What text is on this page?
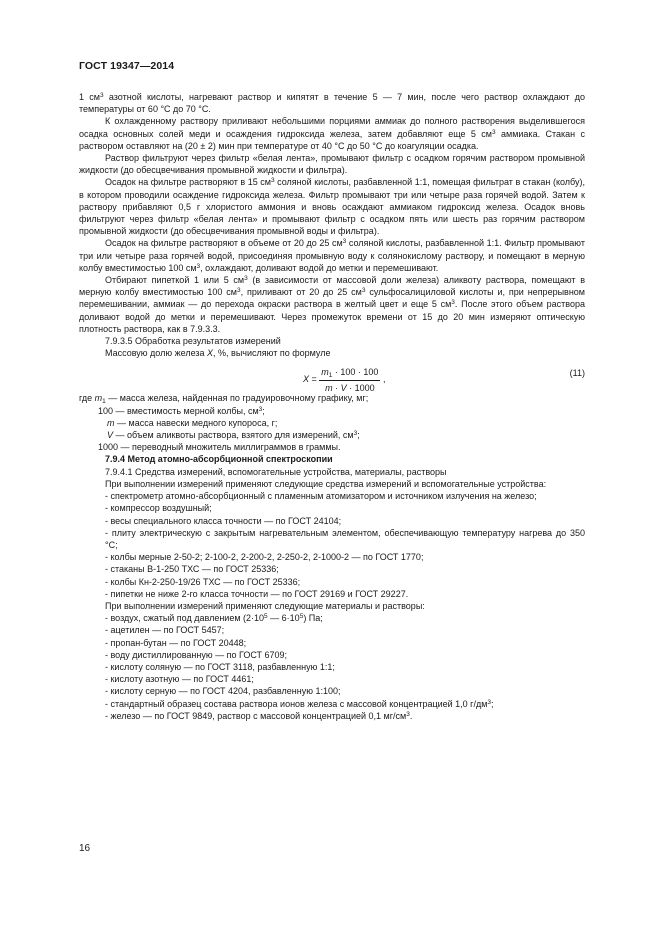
ГОСТ 19347—2014

1 $см^3$ азотной кислоты, нагревают раствор и кипятят в течение 5 — 7 мин, после чего раствор охлаждают до температуры от 60 °С до 70 °С.

К охлажденному раствору приливают небольшими порциями аммиак до полного растворения выделившегося осадка основных солей меди и осаждения гидроксида железа, затем добавляют еще 5 $см^3$ аммиака. Стакан с раствором оставляют на (20 ± 2) мин при температуре от 40 °С до 50 °С до коагуляции осадка.

Раствор фильтруют через фильтр «белая лента», промывают фильтр с осадком горячим раствором промывной жидкости (до обесцвечивания промывной жидкости и фильтра).

Осадок на фильтре растворяют в 15 $см^3$ соляной кислоты, разбавленной 1:1, помещая фильтрат в стакан (колбу), в котором проводили осаждение гидроксида железа. Фильтр промывают три или четыре раза горячей водой. Затем к раствору прибавляют 0,5 г хлористого аммония и вновь осаждают аммиаком гидроксид железа. Осадок вновь фильтруют через фильтр «белая лента» и промывают фильтр с осадком пять или шесть раз горячим раствором промывной жидкости (до обесцвечивания промывной воды и фильтра).

Осадок на фильтре растворяют в объеме от 20 до 25 $см^3$ соляной кислоты, разбавленной 1:1. Фильтр промывают три или четыре раза горячей водой, присоединяя промывную воду к солянокислому раствору, и помещают в мерную колбу вместимостью 100 $см^3$, охлаждают, доливают водой до метки и перемешивают.

Отбирают пипеткой 1 или 5 $см^3$ (в зависимости от массовой доли железа) аликвоту раствора, помещают в мерную колбу вместимостью 100 $см^3$, приливают от 20 до 25 $см^3$ сульфосалициловой кислоты и, при непрерывном перемешивании, аммиак — до перехода окраски раствора в желтый цвет и еще 5 $см^3$. После этого объем раствора доливают водой до метки и перемешивают. Через промежуток времени от 15 до 20 мин измеряют оптическую плотность раствора, как в 7.9.3.3.

7.9.3.5 Обработка результатов измерений

Массовую долю железа X, %, вычисляют по формуле

$X = \frac{m_1 \cdot 100 \cdot 100}{m \cdot V \cdot 1000}$ ,
(11)

где $m_1$ — масса железа, найденная по градуировочному графику, мг;

100 — вместимость мерной колбы, $см^3$;

m — масса навески медного купороса, г;

V — объем аликвоты раствора, взятого для измерений, $см^3$;

1000 — переводный множитель миллиграммов в граммы.

7.9.4 Метод атомно-абсорбционной спектроскопии

7.9.4.1 Средства измерений, вспомогательные устройства, материалы, растворы

При выполнении измерений применяют следующие средства измерений и вспомогательные устройства:

- спектрометр атомно-абсорбционный с пламенным атомизатором и источником излучения на железо;

- компрессор воздушный;

- весы специального класса точности — по ГОСТ 24104;

- плиту электрическую с закрытым нагревательным элементом, обеспечивающую температуру нагрева до 350 °С;

- колбы мерные 2-50-2; 2-100-2, 2-200-2, 2-250-2, 2-1000-2 — по ГОСТ 1770;

- стаканы В-1-250 ТХС — по ГОСТ 25336;

- колбы Кн-2-250-19/26 ТХС — по ГОСТ 25336;

- пипетки не ниже 2-го класса точности — по ГОСТ 29169 и ГОСТ 29227.

При выполнении измерений применяют следующие материалы и растворы:

- воздух, сжатый под давлением ($2\cdot 10^5$ — $6\cdot 10^5$) Па;

- ацетилен — по ГОСТ 5457;

- пропан-бутан — по ГОСТ 20448;

- воду дистиллированную — по ГОСТ 6709;

- кислоту соляную — по ГОСТ 3118, разбавленную 1:1;

- кислоту азотную — по ГОСТ 4461;

- кислоту серную — по ГОСТ 4204, разбавленную 1:100;

- стандартный образец состава раствора ионов железа с массовой концентрацией 1,0 $г/дм^3$;

- железо — по ГОСТ 9849, раствор с массовой концентрацией 0,1 $мг/см^3$.

16
